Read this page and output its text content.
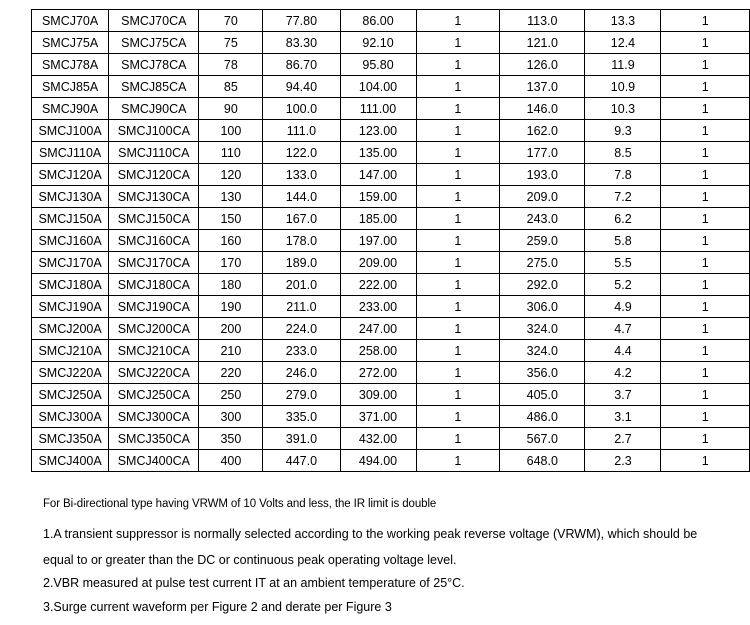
SMCJ70A	SMCJ70CA	70	77.80	86.00	1	113.0	13.3	1
SMCJ75A	SMCJ75CA	75	83.30	92.10	1	121.0	12.4	1
SMCJ78A	SMCJ78CA	78	86.70	95.80	1	126.0	11.9	1
SMCJ85A	SMCJ85CA	85	94.40	104.00	1	137.0	10.9	1
SMCJ90A	SMCJ90CA	90	100.0	111.00	1	146.0	10.3	1
SMCJ100A	SMCJ100CA	100	111.0	123.00	1	162.0	9.3	1
SMCJ110A	SMCJ110CA	110	122.0	135.00	1	177.0	8.5	1
SMCJ120A	SMCJ120CA	120	133.0	147.00	1	193.0	7.8	1
SMCJ130A	SMCJ130CA	130	144.0	159.00	1	209.0	7.2	1
SMCJ150A	SMCJ150CA	150	167.0	185.00	1	243.0	6.2	1
SMCJ160A	SMCJ160CA	160	178.0	197.00	1	259.0	5.8	1
SMCJ170A	SMCJ170CA	170	189.0	209.00	1	275.0	5.5	1
SMCJ180A	SMCJ180CA	180	201.0	222.00	1	292.0	5.2	1
SMCJ190A	SMCJ190CA	190	211.0	233.00	1	306.0	4.9	1
SMCJ200A	SMCJ200CA	200	224.0	247.00	1	324.0	4.7	1
SMCJ210A	SMCJ210CA	210	233.0	258.00	1	324.0	4.4	1
SMCJ220A	SMCJ220CA	220	246.0	272.00	1	356.0	4.2	1
SMCJ250A	SMCJ250CA	250	279.0	309.00	1	405.0	3.7	1
SMCJ300A	SMCJ300CA	300	335.0	371.00	1	486.0	3.1	1
SMCJ350A	SMCJ350CA	350	391.0	432.00	1	567.0	2.7	1
SMCJ400A	SMCJ400CA	400	447.0	494.00	1	648.0	2.3	1
For Bi-directional type having VRWM of 10 Volts and less, the IR limit is double
1.A transient suppressor is normally selected according to the working peak reverse voltage (VRWM), which should be
equal to or greater than the DC or continuous peak operating voltage level.
2.VBR measured at pulse test current IT at an ambient temperature of 25°C.
3.Surge current waveform per Figure 2 and derate per Figure 3
